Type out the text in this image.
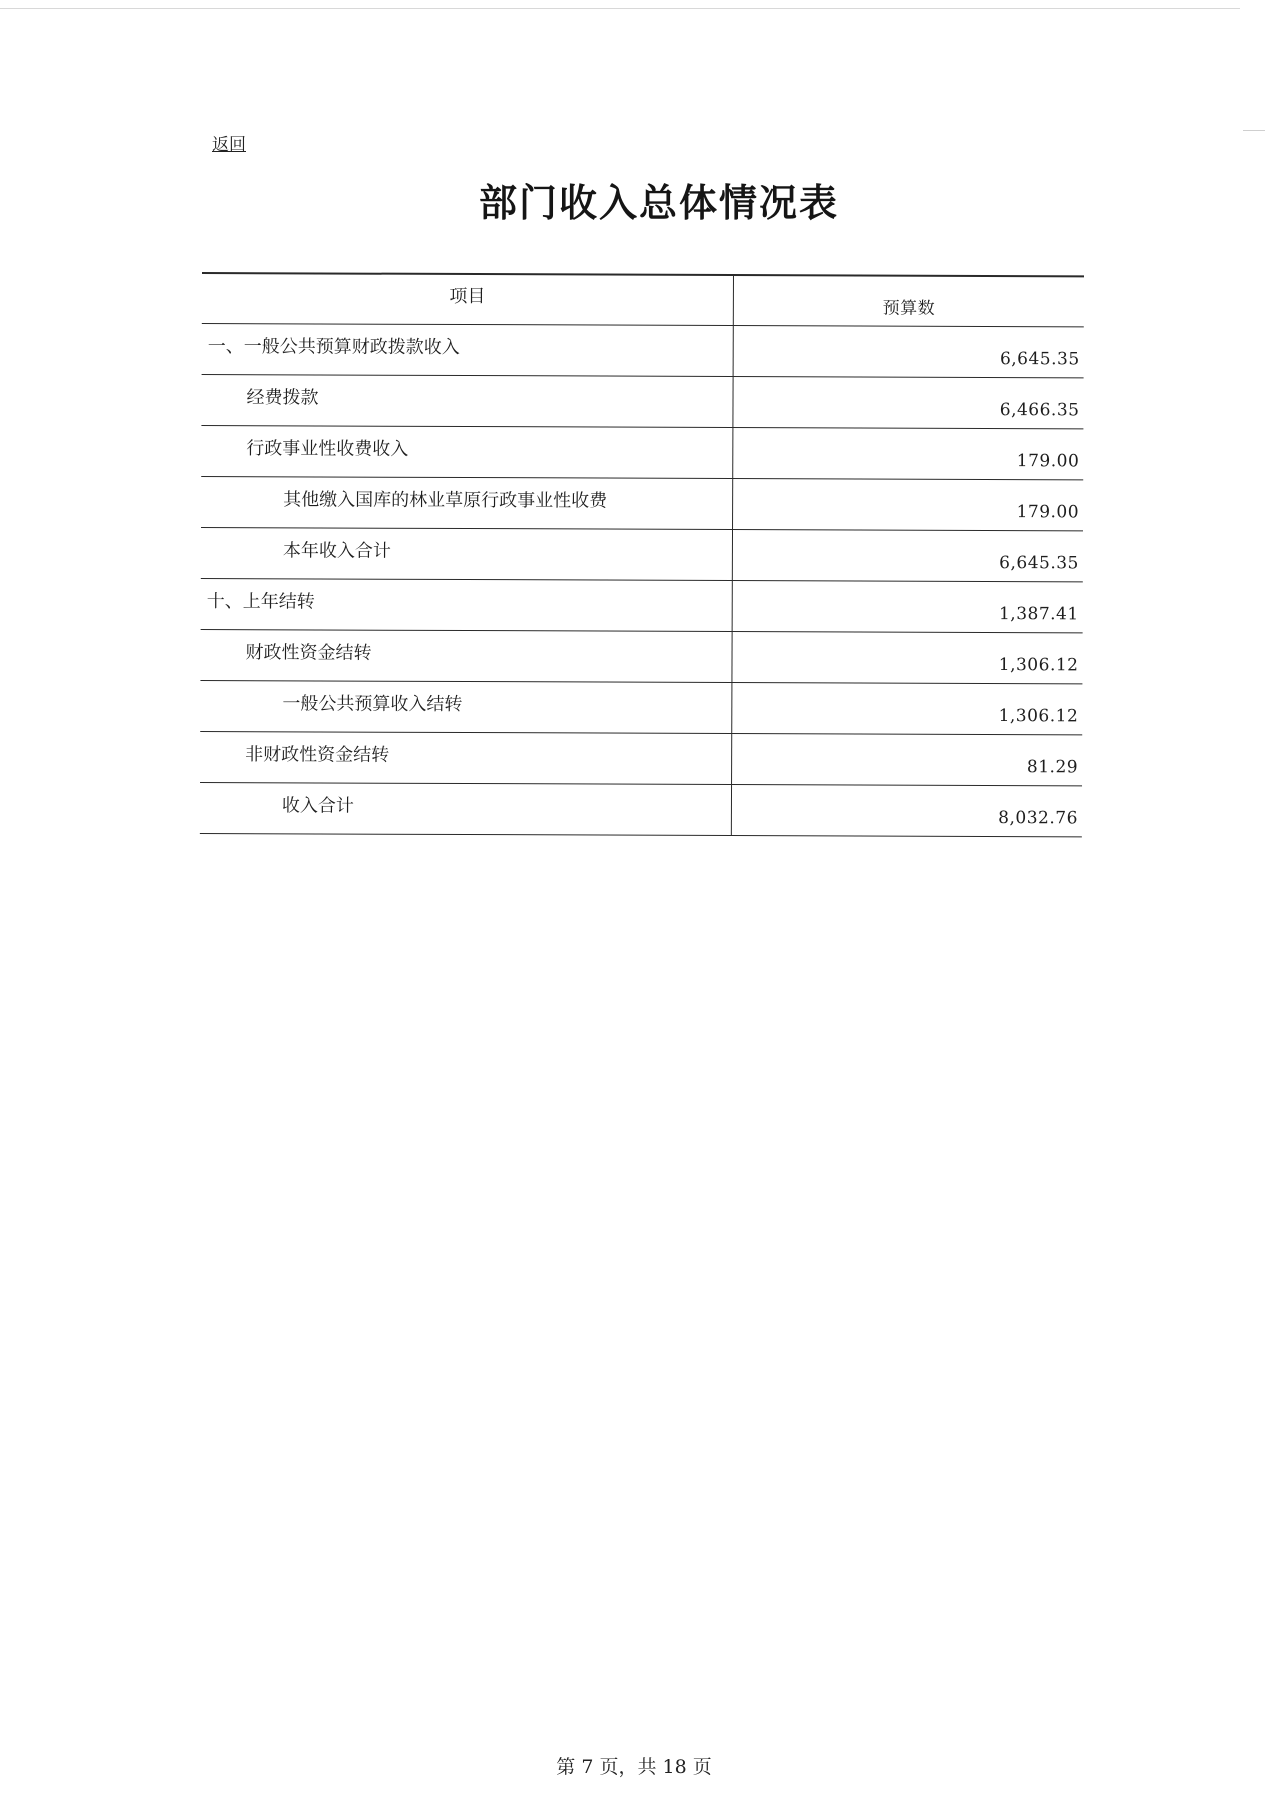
返回
部门收入总体情况表
项目
预算数
一、一般公共预算财政拨款收入
6,645.35
经费拨款
6,466.35
行政事业性收费收入
179.00
其他缴入国库的林业草原行政事业性收费
179.00
本年收入合计
6,645.35
十、上年结转
1,387.41
财政性资金结转
1,306.12
一般公共预算收入结转
1,306.12
非财政性资金结转
81.29
收入合计
8,032.76
第 7 页，共 18 页
